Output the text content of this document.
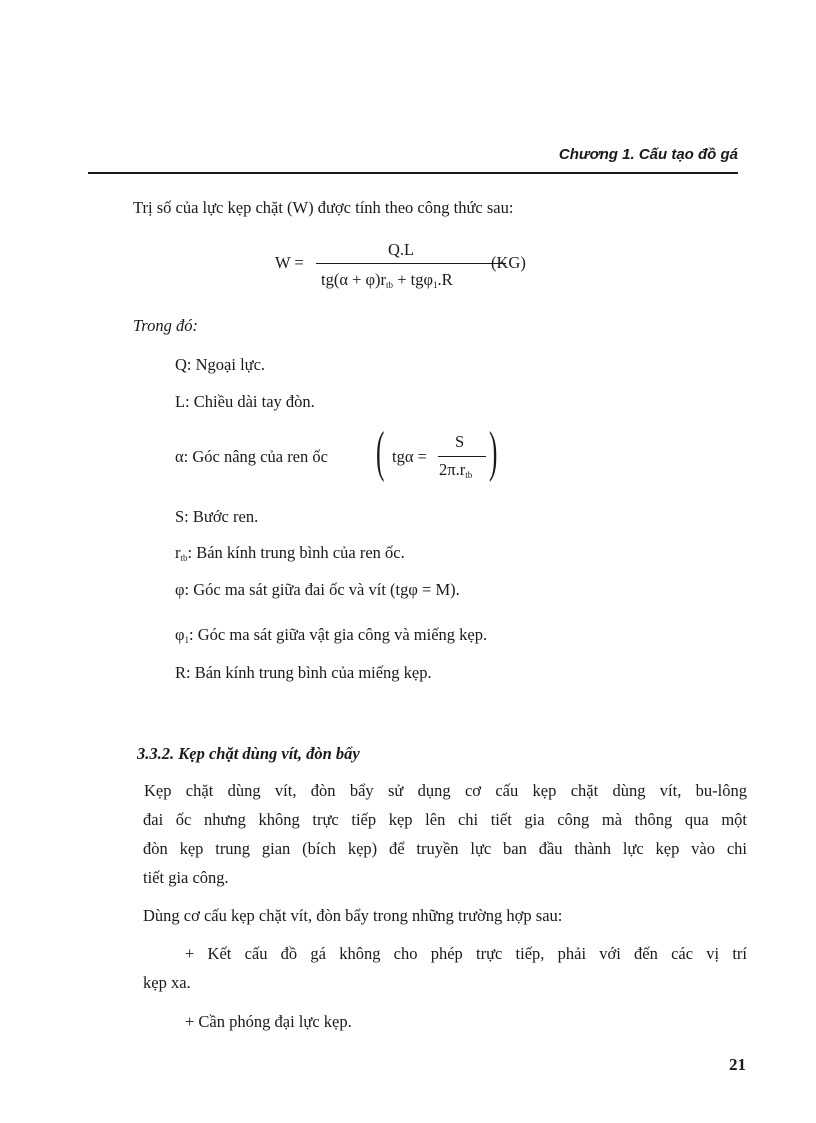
Chương 1. Cấu tạo đồ gá
Trị số của lực kẹp chặt (W) được tính theo công thức sau:
W =
Q.L
$tg(\alpha + \varphi)r_{tb} + tg\varphi_1.R$
(KG)
Trong đó:
Q: Ngoại lực.
L: Chiều dài tay đòn.
α: Góc nâng của ren ốc ( tgα =
S
$2\pi.r_{tb}$ )
S: Bước ren.
$r_{tb}$: Bán kính trung bình của ren ốc.
φ: Góc ma sát giữa đai ốc và vít (tgφ = M).
$\varphi_1$: Góc ma sát giữa vật gia công và miếng kẹp.
R: Bán kính trung bình của miếng kẹp.
3.3.2. Kẹp chặt dùng vít, đòn bẩy
Kẹp chặt dùng vít, đòn bẩy sử dụng cơ cấu kẹp chặt dùng vít, bu-lông
đai ốc nhưng không trực tiếp kẹp lên chi tiết gia công mà thông qua một
đòn kẹp trung gian (bích kẹp) để truyền lực ban đầu thành lực kẹp vào chi
tiết gia công.
Dùng cơ cấu kẹp chặt vít, đòn bẩy trong những trường hợp sau:
+ Kết cấu đồ gá không cho phép trực tiếp, phải với đến các vị trí
kẹp xa.
+ Cần phóng đại lực kẹp.
21
